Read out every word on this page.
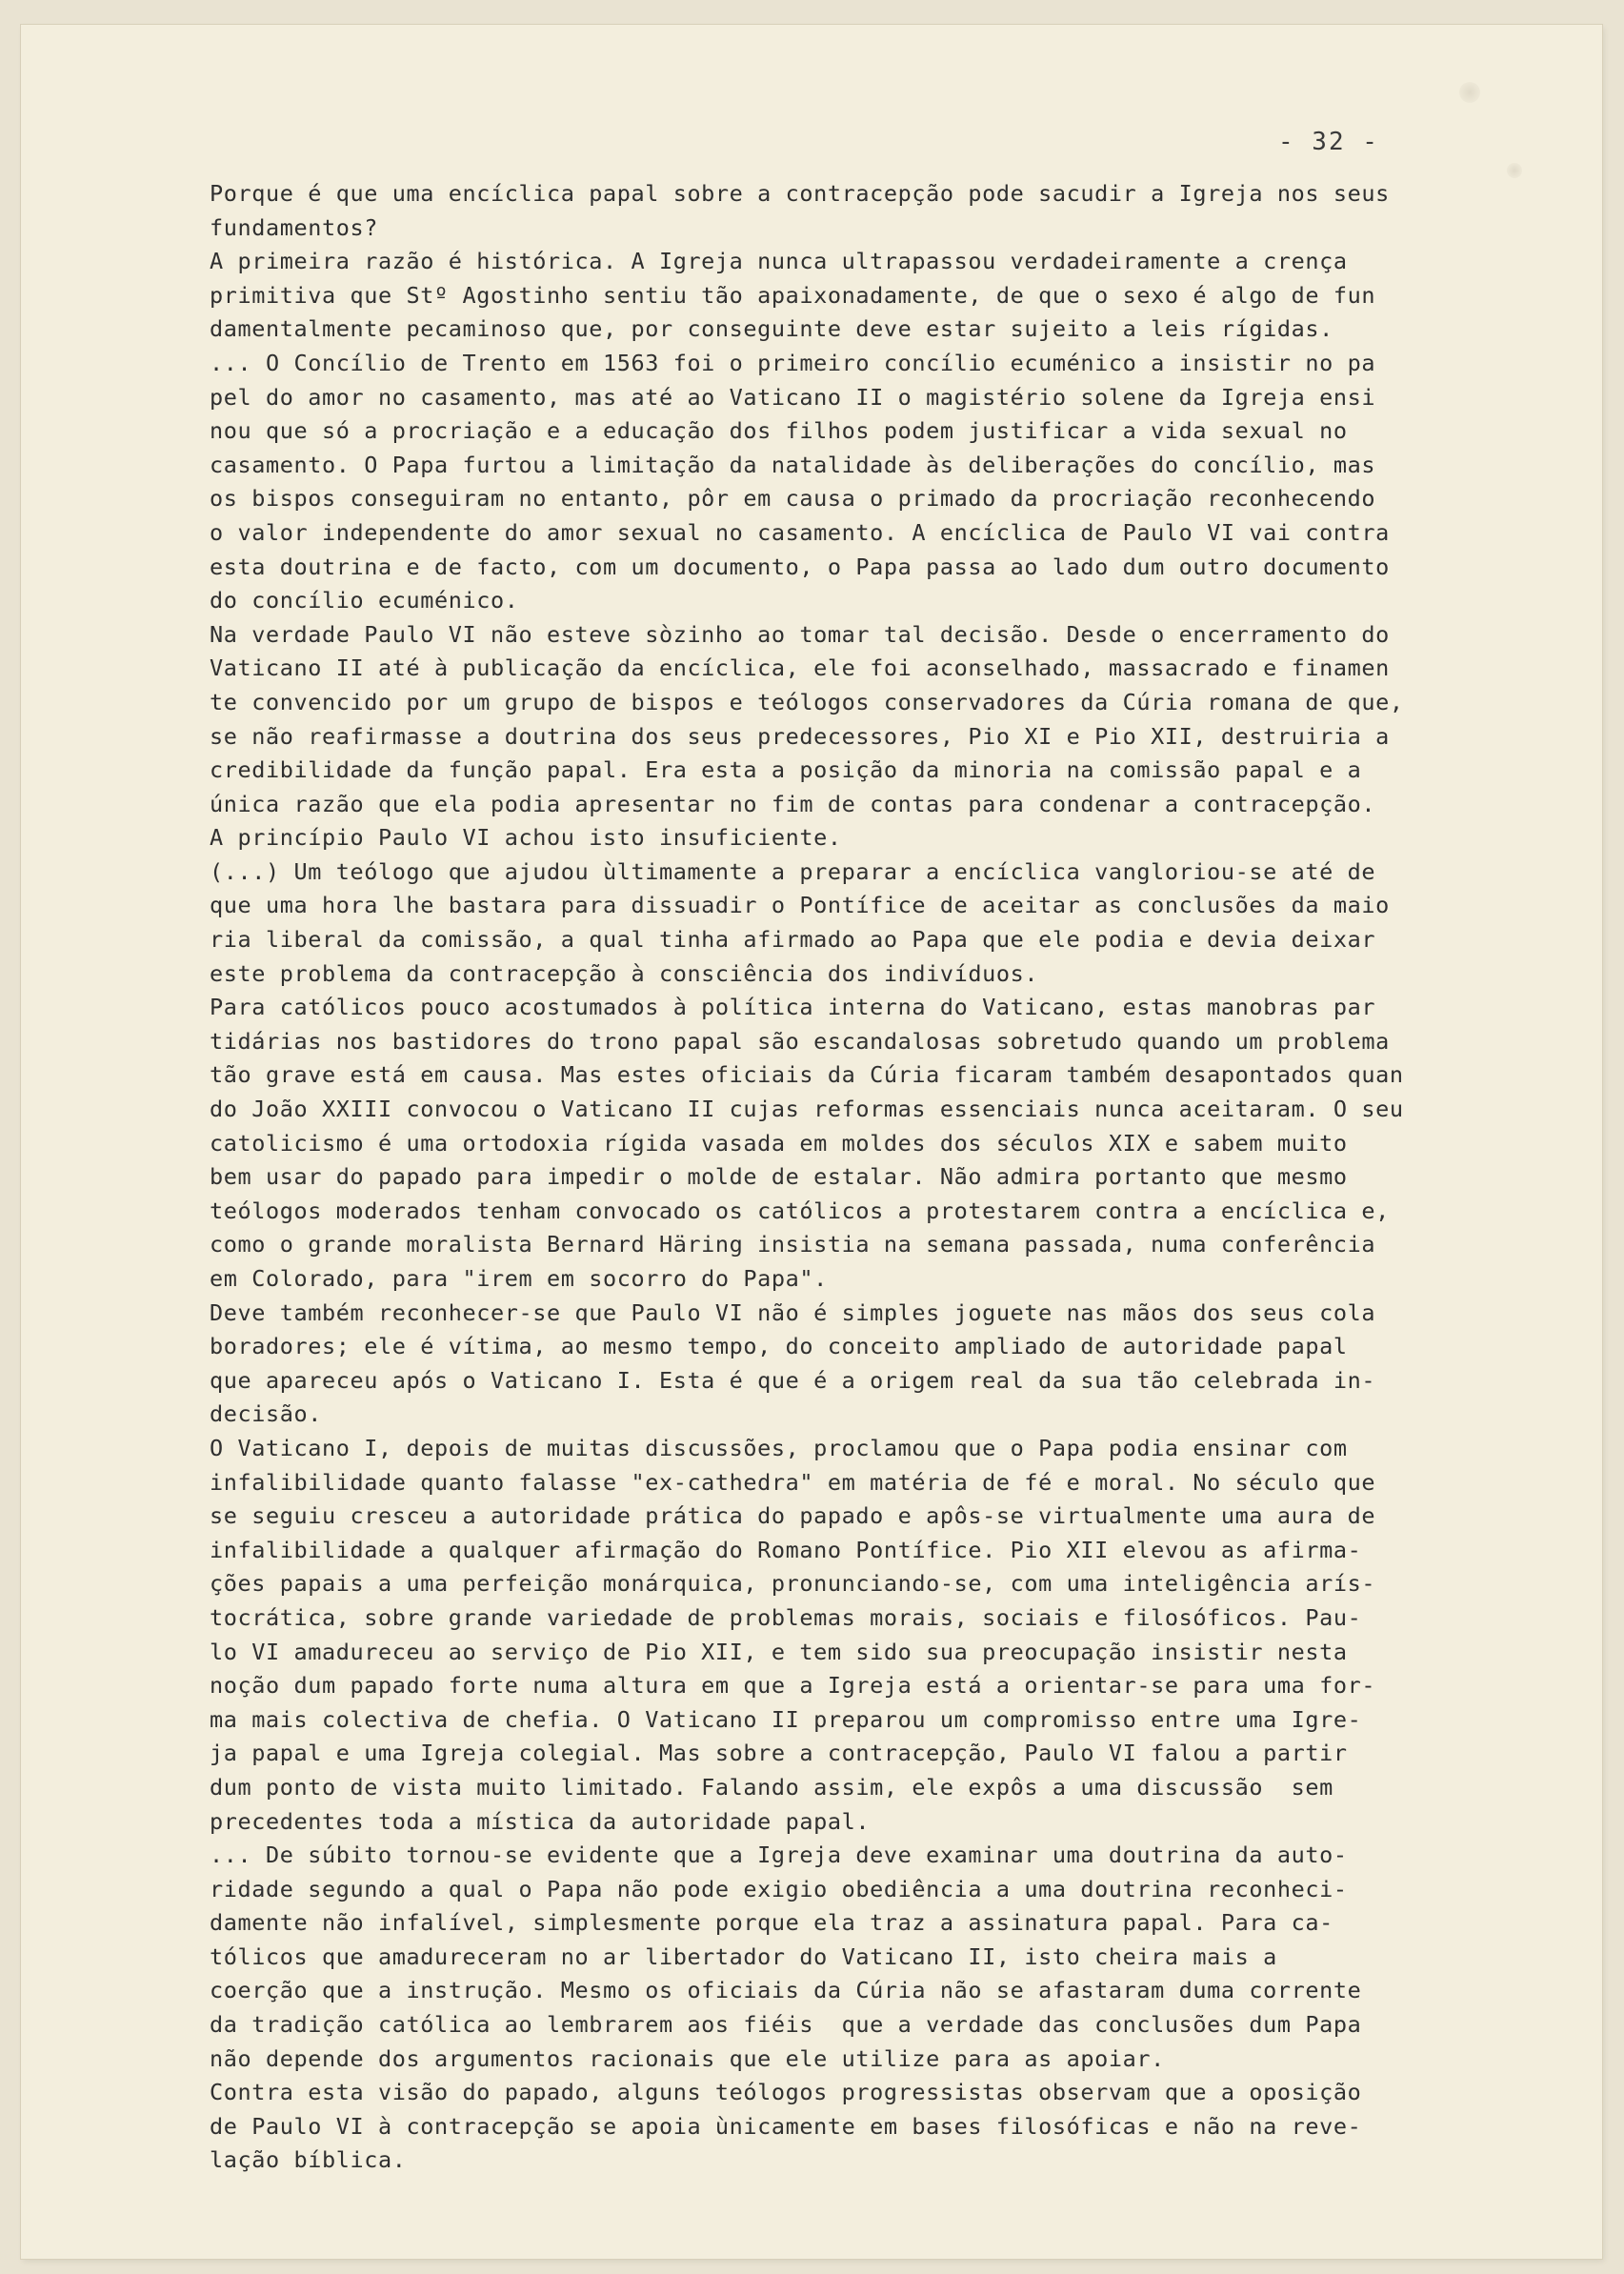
- 32 -
Porque é que uma encíclica papal sobre a contracepção pode sacudir a Igreja nos seus
fundamentos?
A primeira razão é histórica. A Igreja nunca ultrapassou verdadeiramente a crença
primitiva que Stº Agostinho sentiu tão apaixonadamente, de que o sexo é algo de fun
damentalmente pecaminoso que, por conseguinte deve estar sujeito a leis rígidas.
... O Concílio de Trento em 1563 foi o primeiro concílio ecuménico a insistir no pa
pel do amor no casamento, mas até ao Vaticano II o magistério solene da Igreja ensi
nou que só a procriação e a educação dos filhos podem justificar a vida sexual no
casamento. O Papa furtou a limitação da natalidade às deliberações do concílio, mas
os bispos conseguiram no entanto, pôr em causa o primado da procriação reconhecendo
o valor independente do amor sexual no casamento. A encíclica de Paulo VI vai contra
esta doutrina e de facto, com um documento, o Papa passa ao lado dum outro documento
do concílio ecuménico.
Na verdade Paulo VI não esteve sòzinho ao tomar tal decisão. Desde o encerramento do
Vaticano II até à publicação da encíclica, ele foi aconselhado, massacrado e finamen
te convencido por um grupo de bispos e teólogos conservadores da Cúria romana de que,
se não reafirmasse a doutrina dos seus predecessores, Pio XI e Pio XII, destruiria a
credibilidade da função papal. Era esta a posição da minoria na comissão papal e a
única razão que ela podia apresentar no fim de contas para condenar a contracepção.
A princípio Paulo VI achou isto insuficiente.
(...) Um teólogo que ajudou ùltimamente a preparar a encíclica vangloriou-se até de
que uma hora lhe bastara para dissuadir o Pontífice de aceitar as conclusões da maio
ria liberal da comissão, a qual tinha afirmado ao Papa que ele podia e devia deixar
este problema da contracepção à consciência dos indivíduos.
Para católicos pouco acostumados à política interna do Vaticano, estas manobras par
tidárias nos bastidores do trono papal são escandalosas sobretudo quando um problema
tão grave está em causa. Mas estes oficiais da Cúria ficaram também desapontados quan
do João XXIII convocou o Vaticano II cujas reformas essenciais nunca aceitaram. O seu
catolicismo é uma ortodoxia rígida vasada em moldes dos séculos XIX e sabem muito
bem usar do papado para impedir o molde de estalar. Não admira portanto que mesmo
teólogos moderados tenham convocado os católicos a protestarem contra a encíclica e,
como o grande moralista Bernard Häring insistia na semana passada, numa conferência
em Colorado, para "irem em socorro do Papa".
Deve também reconhecer-se que Paulo VI não é simples joguete nas mãos dos seus cola
boradores; ele é vítima, ao mesmo tempo, do conceito ampliado de autoridade papal
que apareceu após o Vaticano I. Esta é que é a origem real da sua tão celebrada in-
decisão.
O Vaticano I, depois de muitas discussões, proclamou que o Papa podia ensinar com
infalibilidade quanto falasse "ex-cathedra" em matéria de fé e moral. No século que
se seguiu cresceu a autoridade prática do papado e apôs-se virtualmente uma aura de
infalibilidade a qualquer afirmação do Romano Pontífice. Pio XII elevou as afirma-
ções papais a uma perfeição monárquica, pronunciando-se, com uma inteligência arís-
tocrática, sobre grande variedade de problemas morais, sociais e filosóficos. Pau-
lo VI amadureceu ao serviço de Pio XII, e tem sido sua preocupação insistir nesta
noção dum papado forte numa altura em que a Igreja está a orientar-se para uma for-
ma mais colectiva de chefia. O Vaticano II preparou um compromisso entre uma Igre-
ja papal e uma Igreja colegial. Mas sobre a contracepção, Paulo VI falou a partir
dum ponto de vista muito limitado. Falando assim, ele expôs a uma discussão  sem
precedentes toda a mística da autoridade papal.
... De súbito tornou-se evidente que a Igreja deve examinar uma doutrina da auto-
ridade segundo a qual o Papa não pode exigio obediência a uma doutrina reconheci-
damente não infalível, simplesmente porque ela traz a assinatura papal. Para ca-
tólicos que amadureceram no ar libertador do Vaticano II, isto cheira mais a
coerção que a instrução. Mesmo os oficiais da Cúria não se afastaram duma corrente
da tradição católica ao lembrarem aos fiéis  que a verdade das conclusões dum Papa
não depende dos argumentos racionais que ele utilize para as apoiar.
Contra esta visão do papado, alguns teólogos progressistas observam que a oposição
de Paulo VI à contracepção se apoia ùnicamente em bases filosóficas e não na reve-
lação bíblica.
